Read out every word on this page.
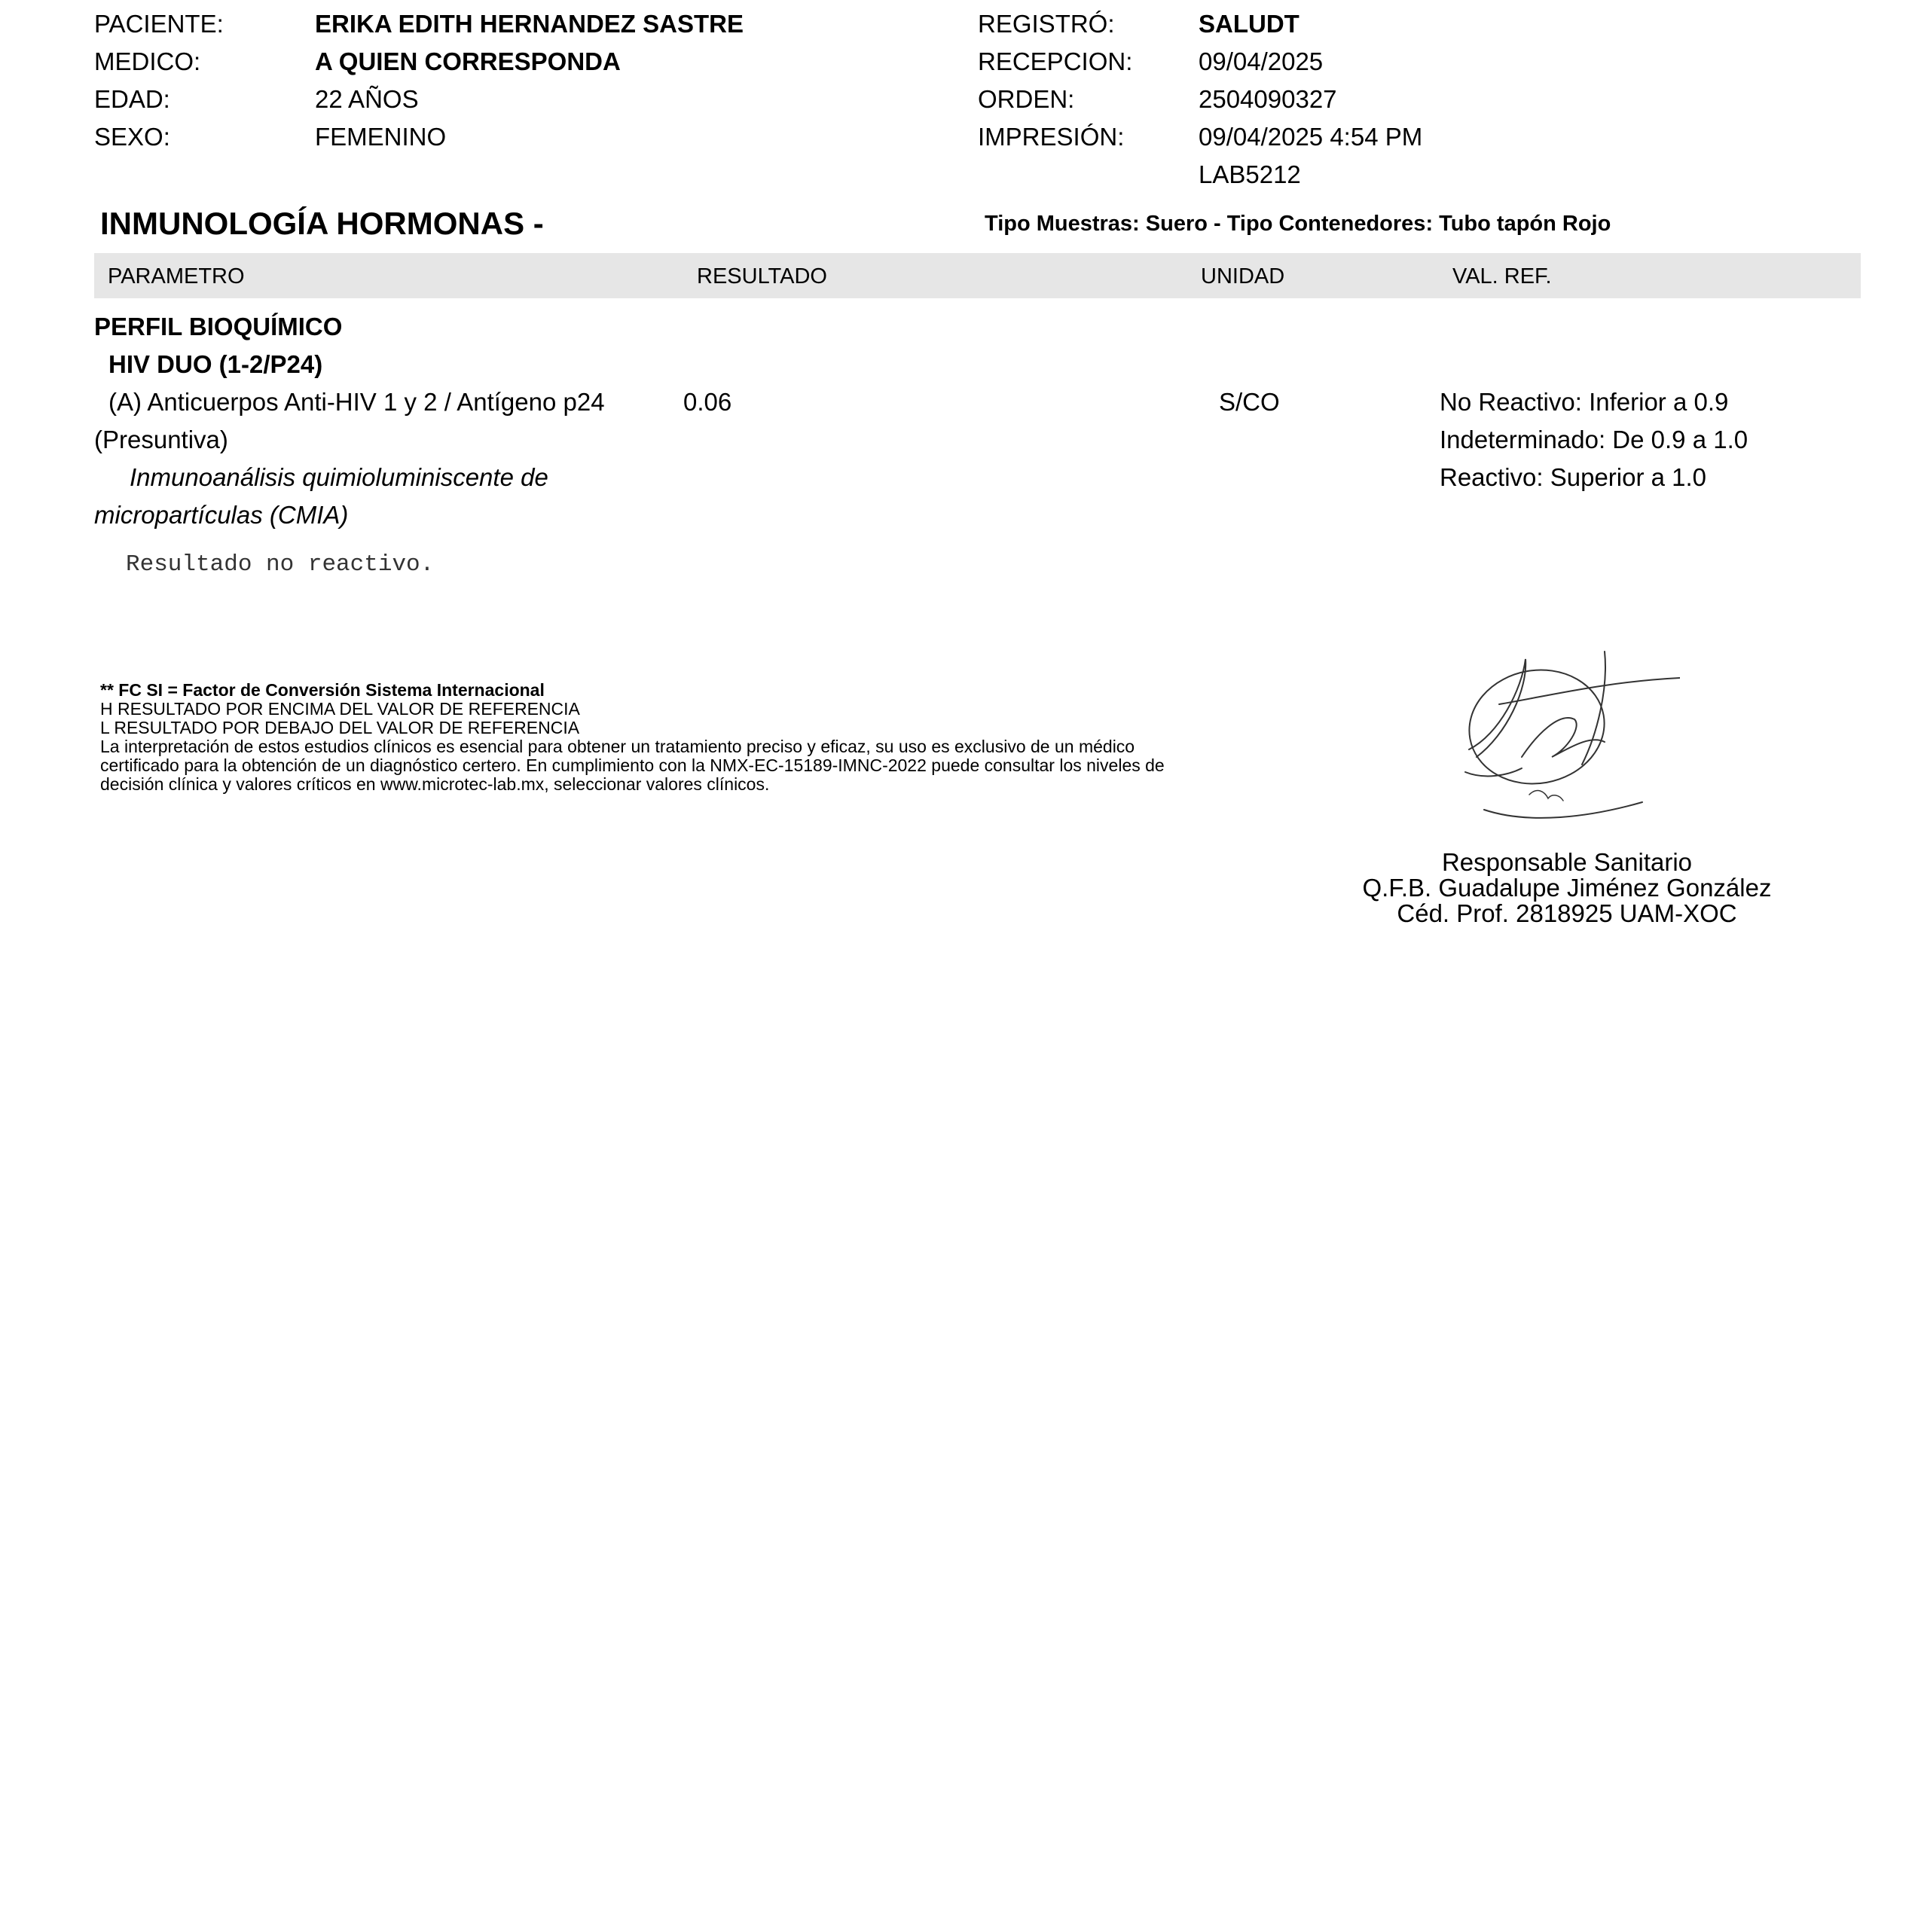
PACIENTE:	ERIKA EDITH HERNANDEZ SASTRE
MEDICO:	A QUIEN CORRESPONDA
EDAD:	22 AÑOS
SEXO:	FEMENINO
REGISTRÓ:	SALUDT
RECEPCION:	09/04/2025
ORDEN:	2504090327
IMPRESIÓN:	09/04/2025 4:54 PM
LAB5212
INMUNOLOGÍA HORMONAS -	Tipo Muestras: Suero - Tipo Contenedores: Tubo tapón Rojo
PARAMETRO	RESULTADO	UNIDAD	VAL. REF.
PERFIL BIOQUÍMICO
HIV DUO (1-2/P24)
(A) Anticuerpos Anti-HIV 1 y 2 / Antígeno p24
(Presuntiva)
Inmunoanálisis quimioluminiscente de
micropartículas (CMIA)
0.06	S/CO	No Reactivo: Inferior a 0.9
Indeterminado: De 0.9 a 1.0
Reactivo: Superior a 1.0
Resultado no reactivo.
** FC SI = Factor de Conversión Sistema Internacional
H RESULTADO POR ENCIMA DEL VALOR DE REFERENCIA
L RESULTADO POR DEBAJO DEL VALOR DE REFERENCIA
La interpretación de estos estudios clínicos es esencial para obtener un tratamiento preciso y eficaz, su uso es exclusivo de un médico
certificado para la obtención de un diagnóstico certero. En cumplimiento con la NMX-EC-15189-IMNC-2022 puede consultar los niveles de
decisión clínica y valores críticos en www.microtec-lab.mx, seleccionar valores clínicos.
Responsable Sanitario
Q.F.B. Guadalupe Jiménez González
Céd. Prof. 2818925 UAM-XOC
